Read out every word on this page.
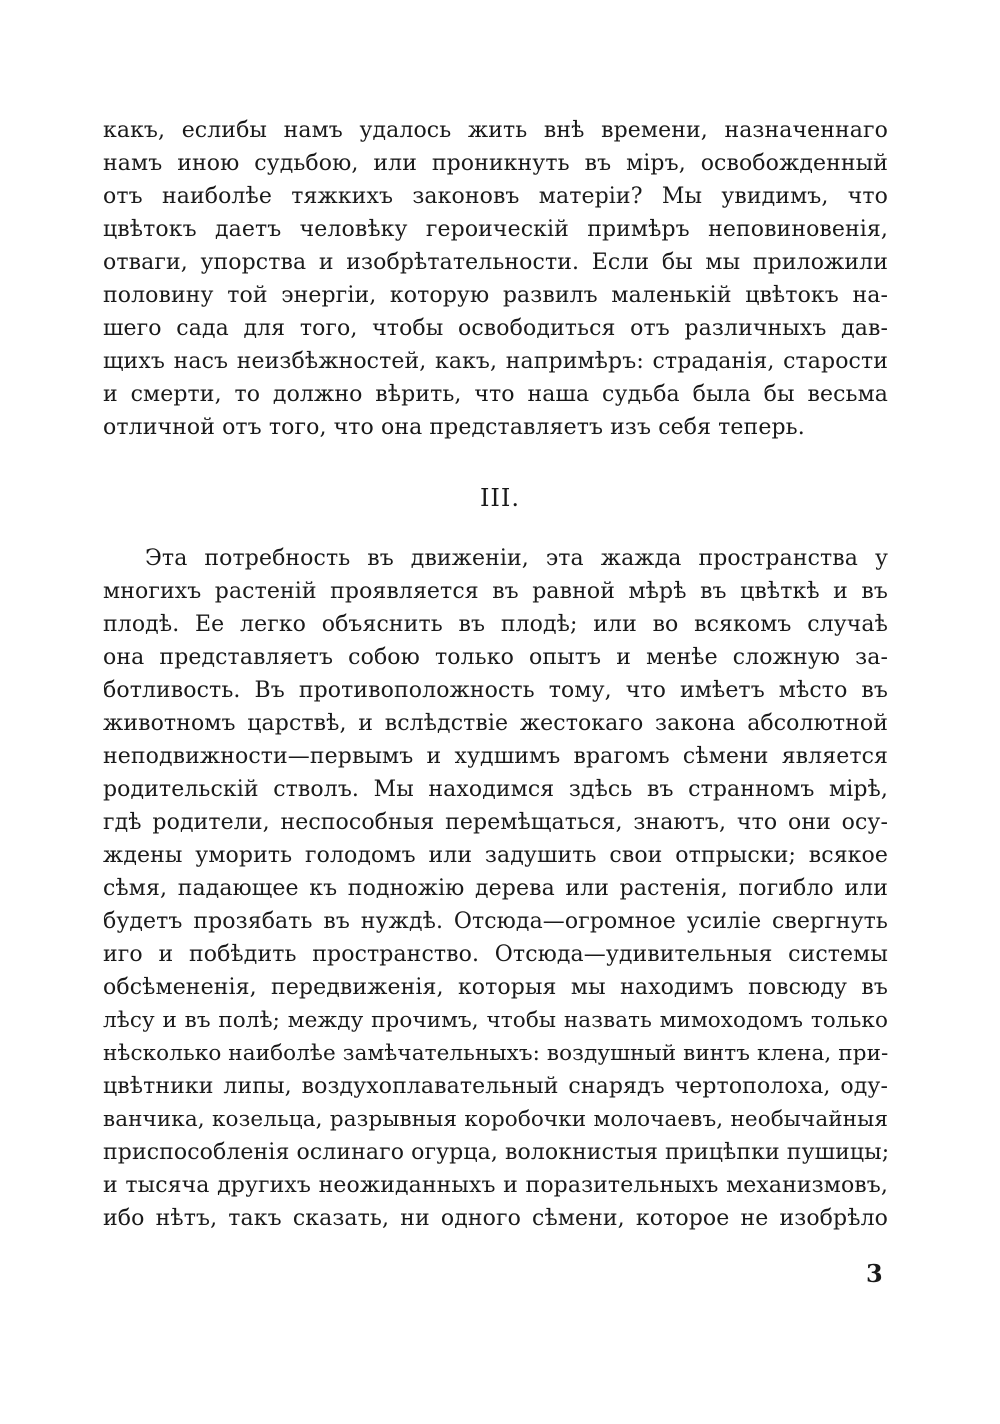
какъ, еслибы намъ удалось жить внѣ времени, назначеннаго
намъ иною судьбою, или проникнуть въ міръ, освобожденный
отъ наиболѣе тяжкихъ законовъ матеріи? Мы увидимъ, что
цвѣтокъ даетъ человѣку героическій примѣръ неповиновенія,
отваги, упорства и изобрѣтательности. Если бы мы приложили
половину той энергіи, которую развилъ маленькій цвѣтокъ на-
шего сада для того, чтобы освободиться отъ различныхъ дав-
щихъ насъ неизбѣжностей, какъ, напримѣръ: страданія, старости
и смерти, то должно вѣрить, что наша судьба была бы весьма
отличной отъ того, что она представляетъ изъ себя теперь.
III.
Эта потребность въ движеніи, эта жажда пространства у
многихъ растеній проявляется въ равной мѣрѣ въ цвѣткѣ и въ
плодѣ. Ее легко объяснить въ плодѣ; или во всякомъ случаѣ
она представляетъ собою только опытъ и менѣе сложную за-
ботливость. Въ противоположность тому, что имѣетъ мѣсто въ
животномъ царствѣ, и вслѣдствіе жестокаго закона абсолютной
неподвижности—первымъ и худшимъ врагомъ сѣмени является
родительскій стволъ. Мы находимся здѣсь въ странномъ мірѣ,
гдѣ родители, неспособныя перемѣщаться, знаютъ, что они осу-
ждены уморить голодомъ или задушить свои отпрыски; всякое
сѣмя, падающее къ подножію дерева или растенія, погибло или
будетъ прозябать въ нуждѣ. Отсюда—огромное усиліе свергнуть
иго и побѣдить пространство. Отсюда—удивительныя системы
обсѣмененія, передвиженія, которыя мы находимъ повсюду въ
лѣсу и въ полѣ; между прочимъ, чтобы назвать мимоходомъ только
нѣсколько наиболѣе замѣчательныхъ: воздушный винтъ клена, при-
цвѣтники липы, воздухоплавательный снарядъ чертополоха, оду-
ванчика, козельца, разрывныя коробочки молочаевъ, необычайныя
приспособленія ослинаго огурца, волокнистыя прицѣпки пушицы;
и тысяча другихъ неожиданныхъ и поразительныхъ механизмовъ,
ибо нѣтъ, такъ сказать, ни одного сѣмени, которое не изобрѣло
3
